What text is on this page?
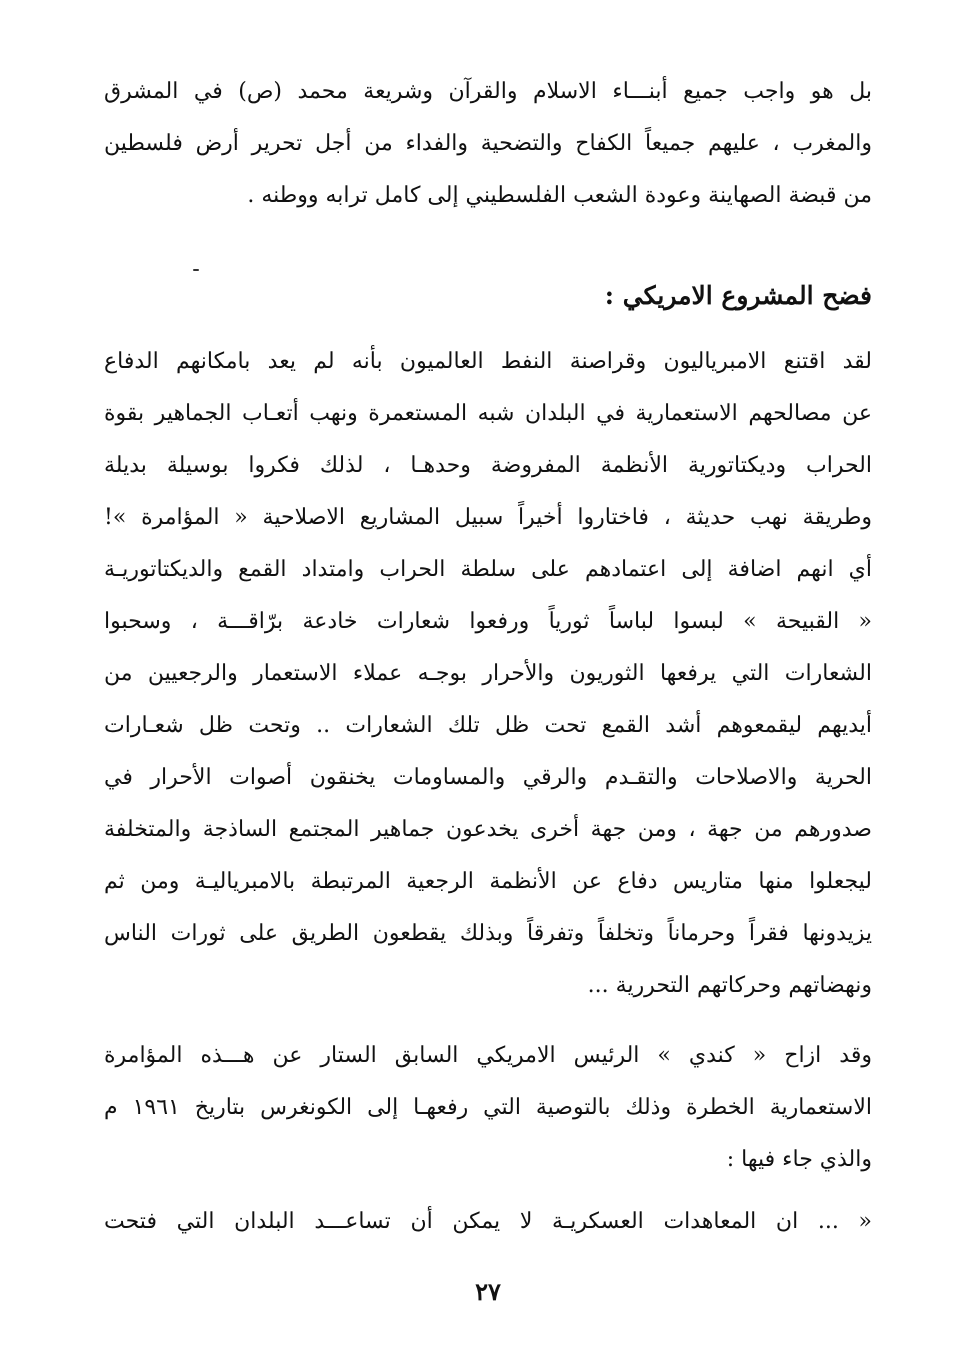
بل هو واجب جميع أبنـــاء الاسلام والقرآن وشريعة محمد (ص) في المشرق
والمغرب ، عليهم جميعاً الكفاح والتضحية والفداء من أجل تحرير أرض فلسطين
من قبضة الصهاينة وعودة الشعب الفلسطيني إلى كامل ترابه ووطنه .
فضح المشروع الامريكي :
لقد اقتنع الامبرياليون وقراصنة النفط العالميون بأنه لم يعد بامكانهم الدفاع
عن مصالحهم الاستعمارية في البلدان شبه المستعمرة ونهب أتعـاب الجماهير بقوة
الحراب وديكتاتورية الأنظمة المفروضة وحدهـا ، لذلك فكروا بوسيلة بديلة
وطريقة نهب حديثة ، فاختاروا أخيراً سبيل المشاريع الاصلاحية « المؤامرة »!
أي انهم اضافة إلى اعتمادهم على سلطة الحراب وامتداد القمع والديكتاتوريـة
« القبيحة » لبسوا لباساً ثورياً ورفعوا شعارات خادعة برّاقـــة ، وسحبوا
الشعارات التي يرفعها الثوريون والأحرار بوجـه عملاء الاستعمار والرجعيين من
أيديهم ليقمعوهم أشد القمع تحت ظل تلك الشعارات .. وتحت ظل شعـارات
الحرية والاصلاحات والتقـدم والرقي والمساومات يخنقون أصوات الأحرار في
صدورهم من جهة ، ومن جهة أخرى يخدعون جماهير المجتمع الساذجة والمتخلفة
ليجعلوا منها متاريس دفاع عن الأنظمة الرجعية المرتبطة بالامبرياليـة ومن ثم
يزيدونها فقراً وحرماناً وتخلفاً وتفرقاً وبذلك يقطعون الطريق على ثورات الناس
ونهضاتهم وحركاتهم التحررية ...
وقد ازاح « كندي » الرئيس الامريكي السابق الستار عن هـــذه المؤامرة
الاستعمارية الخطرة وذلك بالتوصية التي رفعهـا إلى الكونغرس بتاريخ ١٩٦١ م
والذي جاء فيها :
« ... ان المعاهدات العسكريـة لا يمكن أن تساعـــد البلدان التي فتحت
٢٧
